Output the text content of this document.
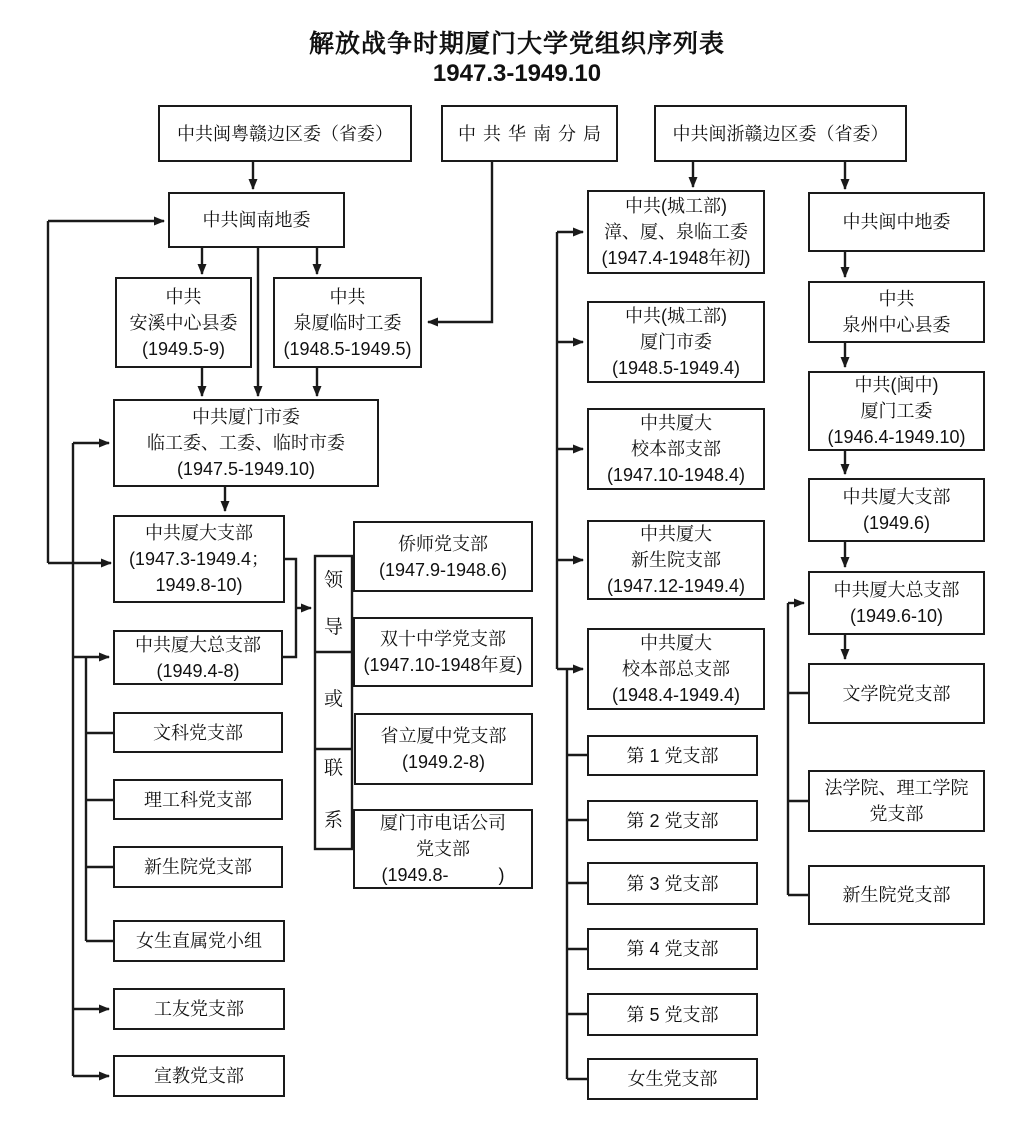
解放战争时期厦门大学党组织序列表
1947.3-1949.10
中共闽粤赣边区委（省委）	中共华南分局	中共闽浙赣边区委（省委）
中共闽南地委
中共
安溪中心县委
(1949.5-9)
中共
泉厦临时工委
(1948.5-1949.5)
中共厦门市委
临工委、工委、临时市委
(1947.5-1949.10)
中共厦大支部
(1947.3-1949.4；
1949.8-10)
中共厦大总支部
(1949.4-8)
文科党支部
理工科党支部
新生院党支部
女生直属党小组
工友党支部
宣教党支部
领
导
或
联
系
侨师党支部
(1947.9-1948.6)
双十中学党支部
(1947.10-1948年夏)
省立厦中党支部
(1949.2-8)
厦门市电话公司
党支部
(1949.8-          )
中共(城工部)
漳、厦、泉临工委
(1947.4-1948年初)
中共(城工部)
厦门市委
(1948.5-1949.4)
中共厦大
校本部支部
(1947.10-1948.4)
中共厦大
新生院支部
(1947.12-1949.4)
中共厦大
校本部总支部
(1948.4-1949.4)
第 1 党支部
第 2 党支部
第 3 党支部
第 4 党支部
第 5 党支部
女生党支部
中共闽中地委
中共
泉州中心县委
中共(闽中)
厦门工委
(1946.4-1949.10)
中共厦大支部
(1949.6)
中共厦大总支部
(1949.6-10)
文学院党支部
法学院、理工学院
党支部
新生院党支部
